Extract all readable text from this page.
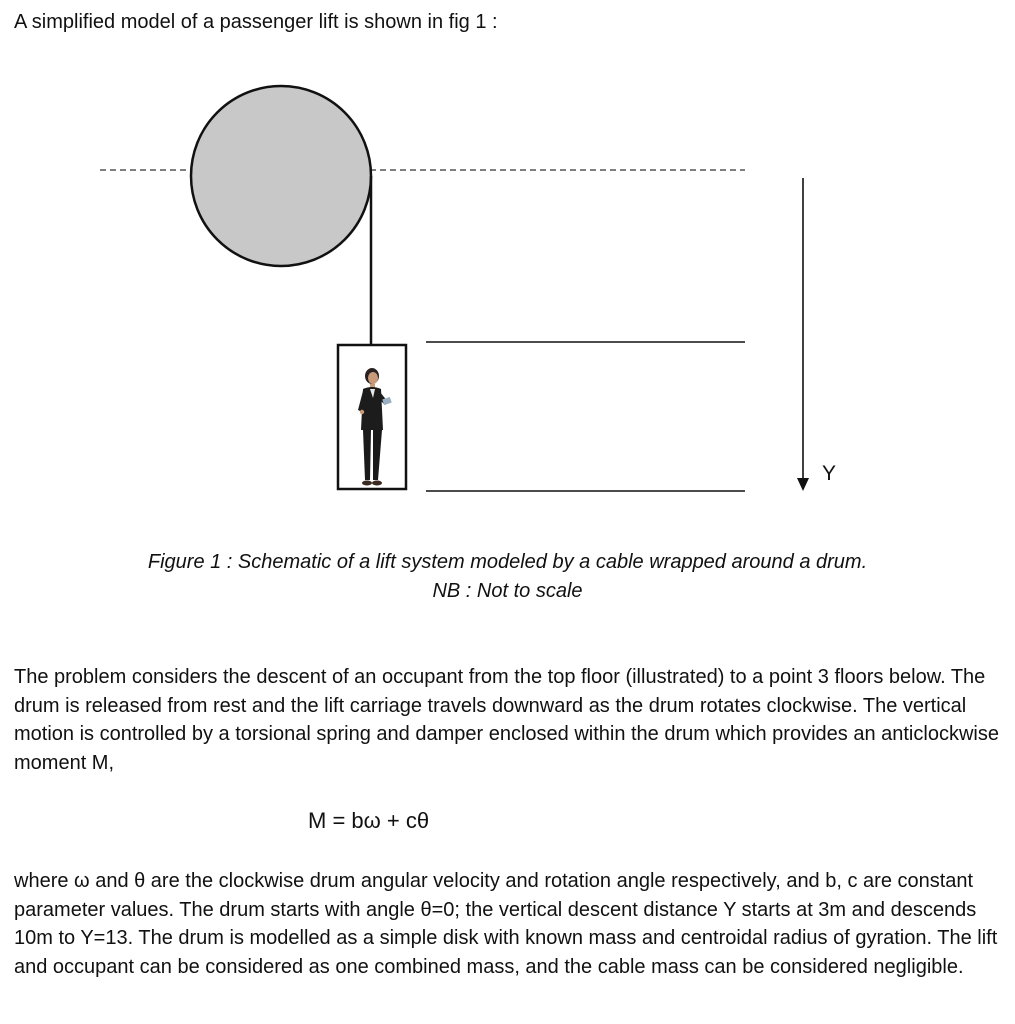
A simplified model of a passenger lift is shown in fig 1 :

Y
Figure 1 : Schematic of a lift system modeled by a cable wrapped around a drum.
NB : Not to scale

The problem considers the descent of an occupant from the top floor (illustrated) to a point 3 floors below. The drum is released from rest and the lift carriage travels downward as the drum rotates clockwise. The vertical motion is controlled by a torsional spring and damper enclosed within the drum which provides an anticlockwise moment M,

M = bω + cθ

where ω and θ are the clockwise drum angular velocity and rotation angle respectively, and b, c are constant parameter values. The drum starts with angle θ=0; the vertical descent distance Y starts at 3m and descends 10m to Y=13. The drum is modelled as a simple disk with known mass and centroidal radius of gyration. The lift and occupant can be considered as one combined mass, and the cable mass can be considered negligible.
